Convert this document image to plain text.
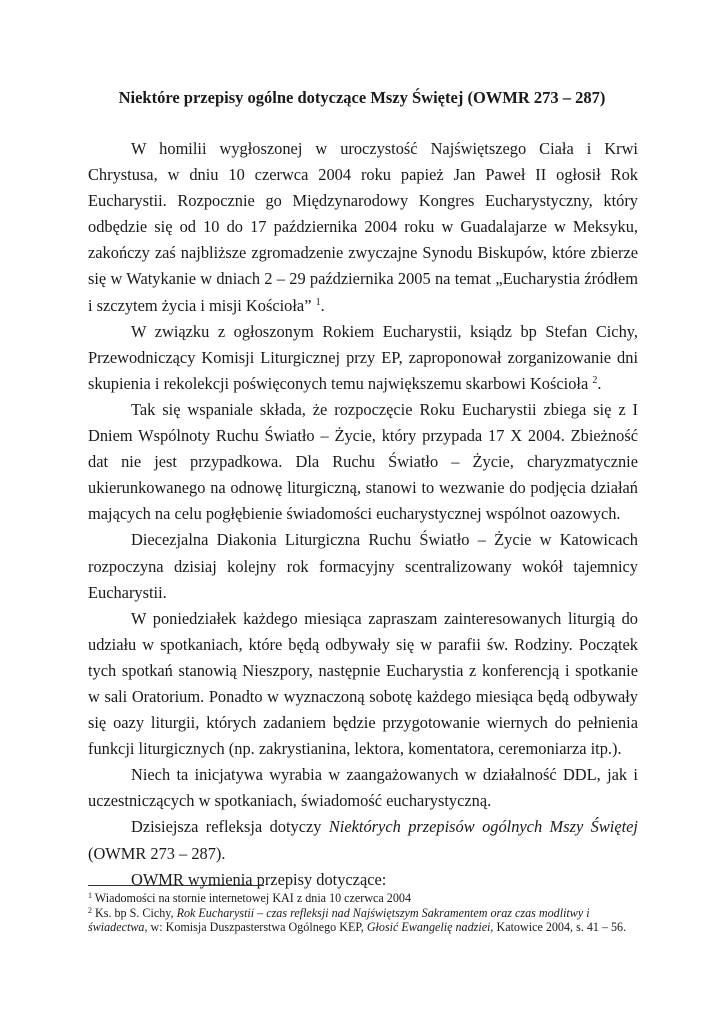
Niektóre przepisy ogólne dotyczące Mszy Świętej (OWMR 273 – 287)

W homilii wygłoszonej w uroczystość Najświętszego Ciała i Krwi Chrystusa, w dniu 10 czerwca 2004 roku papież Jan Paweł II ogłosił Rok Eucharystii. Rozpocznie go Międzynarodowy Kongres Eucharystyczny, który odbędzie się od 10 do 17 października 2004 roku w Guadalajarze w Meksyku, zakończy zaś najbliższe zgromadzenie zwyczajne Synodu Biskupów, które zbierze się w Watykanie w dniach 2 – 29 października 2005 na temat „Eucharystia źródłem i szczytem życia i misji Kościoła” $^1$.

W związku z ogłoszonym Rokiem Eucharystii, ksiądz bp Stefan Cichy, Przewodniczący Komisji Liturgicznej przy EP, zaproponował zorganizowanie dni skupienia i rekolekcji poświęconych temu największemu skarbowi Kościoła $^2$.

Tak się wspaniale składa, że rozpoczęcie Roku Eucharystii zbiega się z I Dniem Wspólnoty Ruchu Światło – Życie, który przypada 17 X 2004. Zbieżność dat nie jest przypadkowa. Dla Ruchu Światło – Życie, charyzmatycznie ukierunkowanego na odnowę liturgiczną, stanowi to wezwanie do podjęcia działań mających na celu pogłębienie świadomości eucharystycznej wspólnot oazowych.

Diecezjalna Diakonia Liturgiczna Ruchu Światło – Życie w Katowicach rozpoczyna dzisiaj kolejny rok formacyjny scentralizowany wokół tajemnicy Eucharystii.

W poniedziałek każdego miesiąca zapraszam zainteresowanych liturgią do udziału w spotkaniach, które będą odbywały się w parafii św. Rodziny. Początek tych spotkań stanowią Nieszpory, następnie Eucharystia z konferencją i spotkanie w sali Oratorium. Ponadto w wyznaczoną sobotę każdego miesiąca będą odbywały się oazy liturgii, których zadaniem będzie przygotowanie wiernych do pełnienia funkcji liturgicznych (np. zakrystianina, lektora, komentatora, ceremoniarza itp.).

Niech ta inicjatywa wyrabia w zaangażowanych w działalność DDL, jak i uczestniczących w spotkaniach, świadomość eucharystyczną.

Dzisiejsza refleksja dotyczy Niektórych przepisów ogólnych Mszy Świętej (OWMR 273 – 287).

OWMR wymienia przepisy dotyczące:

$^1$ Wiadomości na stornie internetowej KAI z dnia 10 czerwca 2004

$^2$ Ks. bp S. Cichy, Rok Eucharystii – czas refleksji nad Najświętszym Sakramentem oraz czas modlitwy i świadectwa, w: Komisja Duszpasterstwa Ogólnego KEP, Głosić Ewangelię nadziei, Katowice 2004, s. 41 – 56.
